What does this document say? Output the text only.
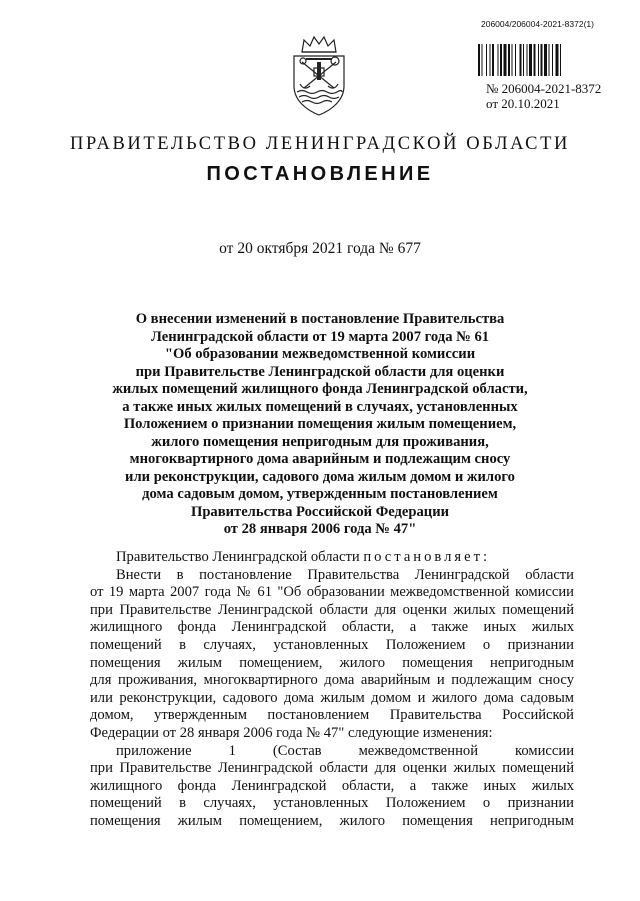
206004/206004-2021-8372(1)
№ 206004-2021-8372
от 20.10.2021
ПРАВИТЕЛЬСТВО ЛЕНИНГРАДСКОЙ ОБЛАСТИ
ПОСТАНОВЛЕНИЕ
от 20 октября 2021 года № 677
О внесении изменений в постановление Правительства
Ленинградской области от 19 марта 2007 года № 61
"Об образовании межведомственной комиссии
при Правительстве Ленинградской области для оценки
жилых помещений жилищного фонда Ленинградской области,
а также иных жилых помещений в случаях, установленных
Положением о признании помещения жилым помещением,
жилого помещения непригодным для проживания,
многоквартирного дома аварийным и подлежащим сносу
или реконструкции, садового дома жилым домом и жилого
дома садовым домом, утвержденным постановлением
Правительства Российской Федерации
от 28 января 2006 года № 47"
Правительство Ленинградской области постановляет:
Внести в постановление Правительства Ленинградской области
от 19 марта 2007 года № 61 "Об образовании межведомственной комиссии
при Правительстве Ленинградской области для оценки жилых помещений
жилищного фонда Ленинградской области, а также иных жилых
помещений в случаях, установленных Положением о признании
помещения жилым помещением, жилого помещения непригодным
для проживания, многоквартирного дома аварийным и подлежащим сносу
или реконструкции, садового дома жилым домом и жилого дома садовым
домом, утвержденным постановлением Правительства Российской
Федерации от 28 января 2006 года № 47" следующие изменения:
приложение 1 (Состав межведомственной комиссии
при Правительстве Ленинградской области для оценки жилых помещений
жилищного фонда Ленинградской области, а также иных жилых
помещений в случаях, установленных Положением о признании
помещения жилым помещением, жилого помещения непригодным
